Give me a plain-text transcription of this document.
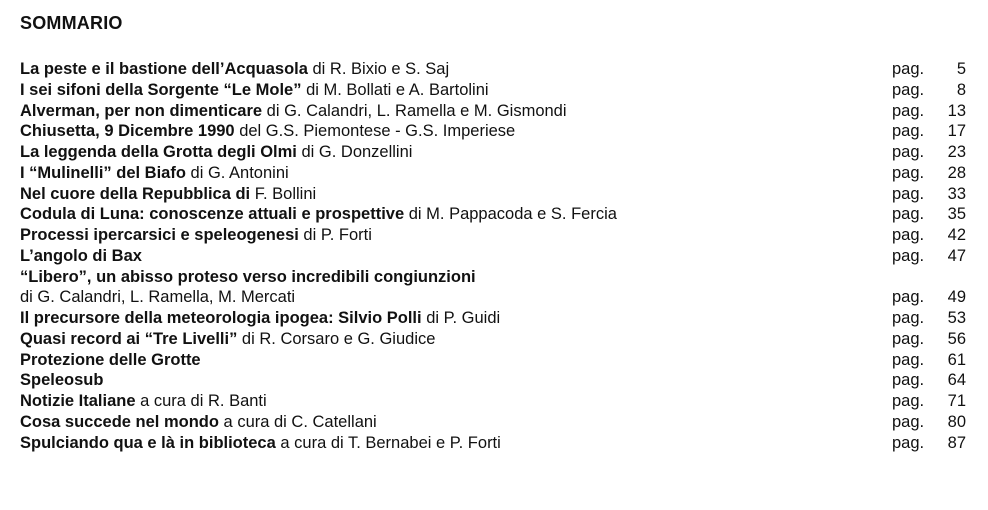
SOMMARIO
La peste e il bastione dell’Acquasola di R. Bixio e S. Saj	pag. 5
I sei sifoni della Sorgente “Le Mole” di M. Bollati e A. Bartolini	pag. 8
Alverman, per non dimenticare di G. Calandri, L. Ramella e M. Gismondi	pag. 13
Chiusetta, 9 Dicembre 1990 del G.S. Piemontese - G.S. Imperiese	pag. 17
La leggenda della Grotta degli Olmi di G. Donzellini	pag. 23
I “Mulinelli” del Biafo di G. Antonini	pag. 28
Nel cuore della Repubblica di F. Bollini	pag. 33
Codula di Luna: conoscenze attuali e prospettive di M. Pappacoda e S. Fercia	pag. 35
Processi ipercarsici e speleogenesi di P. Forti	pag. 42
L’angolo di Bax	pag. 47
“Libero”, un abisso proteso verso incredibili congiunzioni
di G. Calandri, L. Ramella, M. Mercati	pag. 49
Il precursore della meteorologia ipogea: Silvio Polli di P. Guidi	pag. 53
Quasi record ai “Tre Livelli” di R. Corsaro e G. Giudice	pag. 56
Protezione delle Grotte	pag. 61
Speleosub	pag. 64
Notizie Italiane a cura di R. Banti	pag. 71
Cosa succede nel mondo a cura di C. Catellani	pag. 80
Spulciando qua e là in biblioteca a cura di T. Bernabei e P. Forti	pag. 87
